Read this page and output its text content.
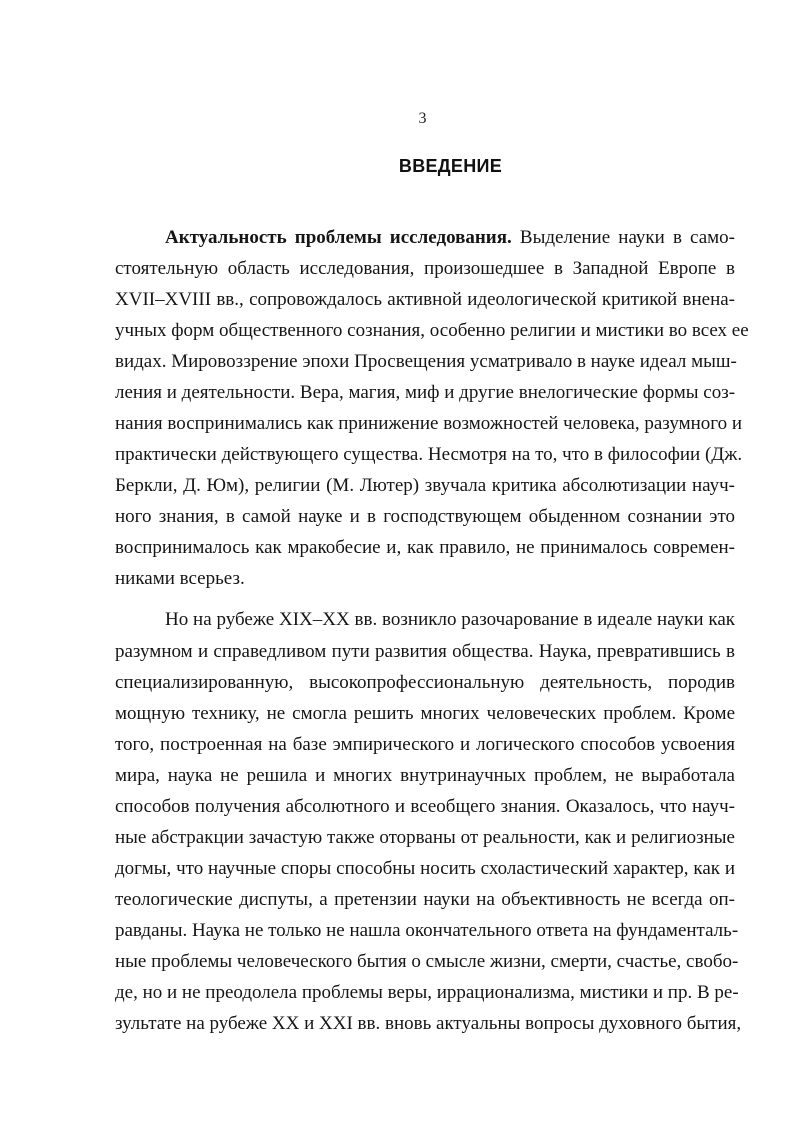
3
ВВЕДЕНИЕ
Актуальность проблемы исследования. Выделение науки в само-
стоятельную область исследования, произошедшее в Западной Европе в
XVII–XVIII вв., сопровождалось активной идеологической критикой внена-
учных форм общественного сознания, особенно религии и мистики во всех ее
видах. Мировоззрение эпохи Просвещения усматривало в науке идеал мыш-
ления и деятельности. Вера, магия, миф и другие внелогические формы соз-
нания воспринимались как принижение возможностей человека, разумного и
практически действующего существа. Несмотря на то, что в философии (Дж.
Беркли, Д. Юм), религии (М. Лютер) звучала критика абсолютизации науч-
ного знания, в самой науке и в господствующем обыденном сознании это
воспринималось как мракобесие и, как правило, не принималось современ-
никами всерьез.
Но на рубеже XIX–XX вв. возникло разочарование в идеале науки как
разумном и справедливом пути развития общества. Наука, превратившись в
специализированную, высокопрофессиональную деятельность, породив
мощную технику, не смогла решить многих человеческих проблем. Кроме
того, построенная на базе эмпирического и логического способов усвоения
мира, наука не решила и многих внутринаучных проблем, не выработала
способов получения абсолютного и всеобщего знания. Оказалось, что науч-
ные абстракции зачастую также оторваны от реальности, как и религиозные
догмы, что научные споры способны носить схоластический характер, как и
теологические диспуты, а претензии науки на объективность не всегда оп-
равданы. Наука не только не нашла окончательного ответа на фундаменталь-
ные проблемы человеческого бытия о смысле жизни, смерти, счастье, свобо-
де, но и не преодолела проблемы веры, иррационализма, мистики и пр. В ре-
зультате на рубеже XX и XXI вв. вновь актуальны вопросы духовного бытия,
